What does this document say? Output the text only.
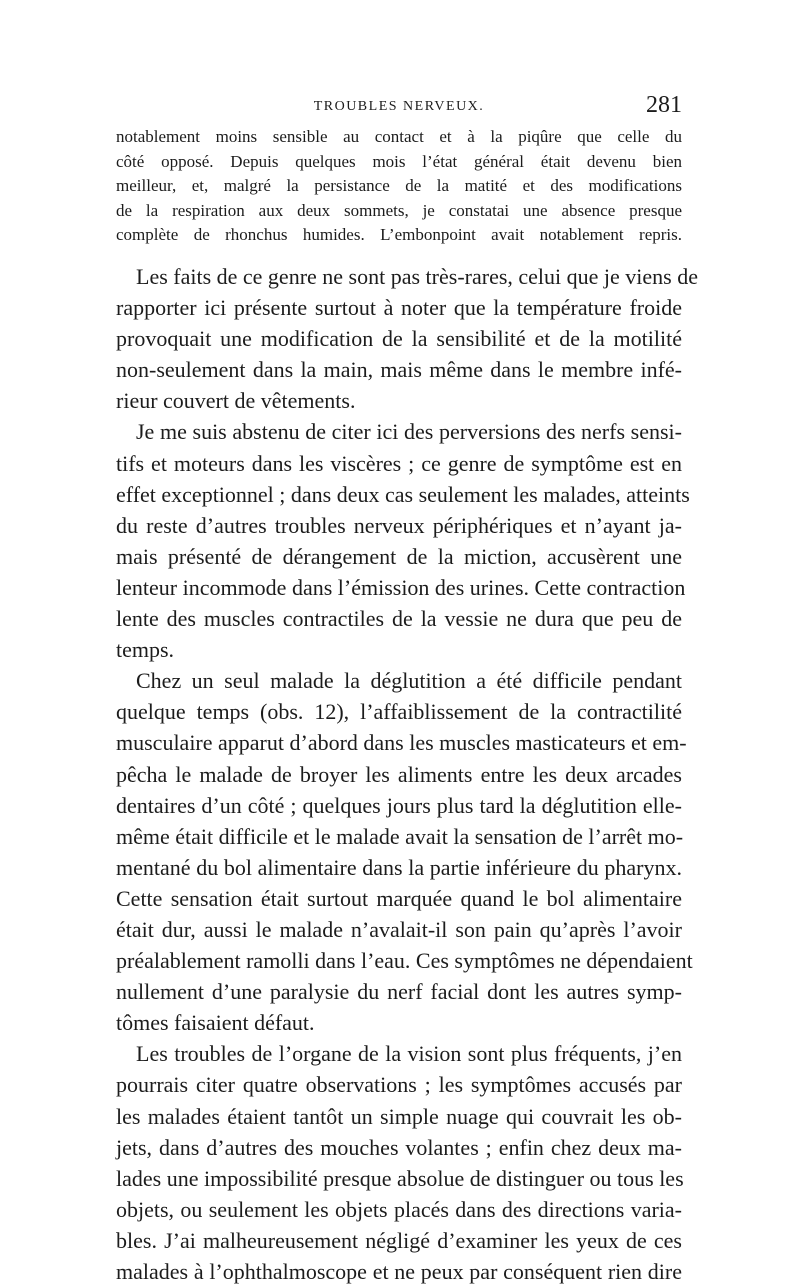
TROUBLES NERVEUX.	281
notablement moins sensible au contact et à la piqûre que celle du
côté opposé. Depuis quelques mois l’état général était devenu bien
meilleur, et, malgré la persistance de la matité et des modifications
de la respiration aux deux sommets, je constatai une absence presque
complète de rhonchus humides. L’embonpoint avait notablement repris.
Les faits de ce genre ne sont pas très-rares, celui que je viens de
rapporter ici présente surtout à noter que la température froide
provoquait une modification de la sensibilité et de la motilité
non-seulement dans la main, mais même dans le membre infé-
rieur couvert de vêtements.
Je me suis abstenu de citer ici des perversions des nerfs sensi-
tifs et moteurs dans les viscères ; ce genre de symptôme est en
effet exceptionnel ; dans deux cas seulement les malades, atteints
du reste d’autres troubles nerveux périphériques et n’ayant ja-
mais présenté de dérangement de la miction, accusèrent une
lenteur incommode dans l’émission des urines. Cette contraction
lente des muscles contractiles de la vessie ne dura que peu de
temps.
Chez un seul malade la déglutition a été difficile pendant
quelque temps (obs. 12), l’affaiblissement de la contractilité
musculaire apparut d’abord dans les muscles masticateurs et em-
pêcha le malade de broyer les aliments entre les deux arcades
dentaires d’un côté ; quelques jours plus tard la déglutition elle-
même était difficile et le malade avait la sensation de l’arrêt mo-
mentané du bol alimentaire dans la partie inférieure du pharynx.
Cette sensation était surtout marquée quand le bol alimentaire
était dur, aussi le malade n’avalait-il son pain qu’après l’avoir
préalablement ramolli dans l’eau. Ces symptômes ne dépendaient
nullement d’une paralysie du nerf facial dont les autres symp-
tômes faisaient défaut.
Les troubles de l’organe de la vision sont plus fréquents, j’en
pourrais citer quatre observations ; les symptômes accusés par
les malades étaient tantôt un simple nuage qui couvrait les ob-
jets, dans d’autres des mouches volantes ; enfin chez deux ma-
lades une impossibilité presque absolue de distinguer ou tous les
objets, ou seulement les objets placés dans des directions varia-
bles. J’ai malheureusement négligé d’examiner les yeux de ces
malades à l’ophthalmoscope et ne peux par conséquent rien dire
